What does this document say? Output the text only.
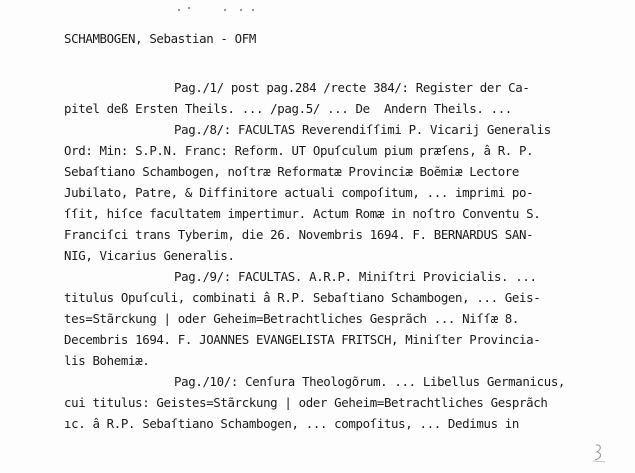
SCHAMBOGEN, Sebastian - OFM
Pag./1/ post pag.284 /recte 384/: Register der Ca-
pitel deß Ersten Theils. ... /pag.5/ ... De  Andern Theils. ...
Pag./8/: FACULTAS Reverendiſſimi P. Vicarij Generalis
Ord: Min: S.P.N. Franc: Reform. UT Opuſculum pium præſens, â R. P.
Sebaſtiano Schambogen, noſtræ Reformatæ Provinciæ Boẽmiæ Lectore
Jubilato, Patre, & Diffinitore actuali compoſitum, ... imprimi po-
ſſit, hiſce facultatem impertimur. Actum Romæ in noſtro Conventu S.
Franciſci trans Tyberim, die 26. Novembris 1694. F. BERNARDUS SAN-
NIG, Vicarius Generalis.
Pag./9/: FACULTAS. A.R.P. Miniſtri Provicialis. ...
titulus Opuſculi, combinati â R.P. Sebaſtiano Schambogen, ... Geis-
tes=Stãrckung | oder Geheim=Betrachtliches Gesprãch ... Niſſæ 8.
Decembris 1694. F. JOANNES EVANGELISTA FRITSCH, Miniſter Provincia-
lis Bohemiæ.
Pag./10/: Cenſura Theologõrum. ... Libellus Germanicus,
cui titulus: Geistes=Stãrckung | oder Geheim=Betrachtliches Gesprãch
ıc. â R.P. Sebaſtiano Schambogen, ... compoſitus, ... Dedimus in
